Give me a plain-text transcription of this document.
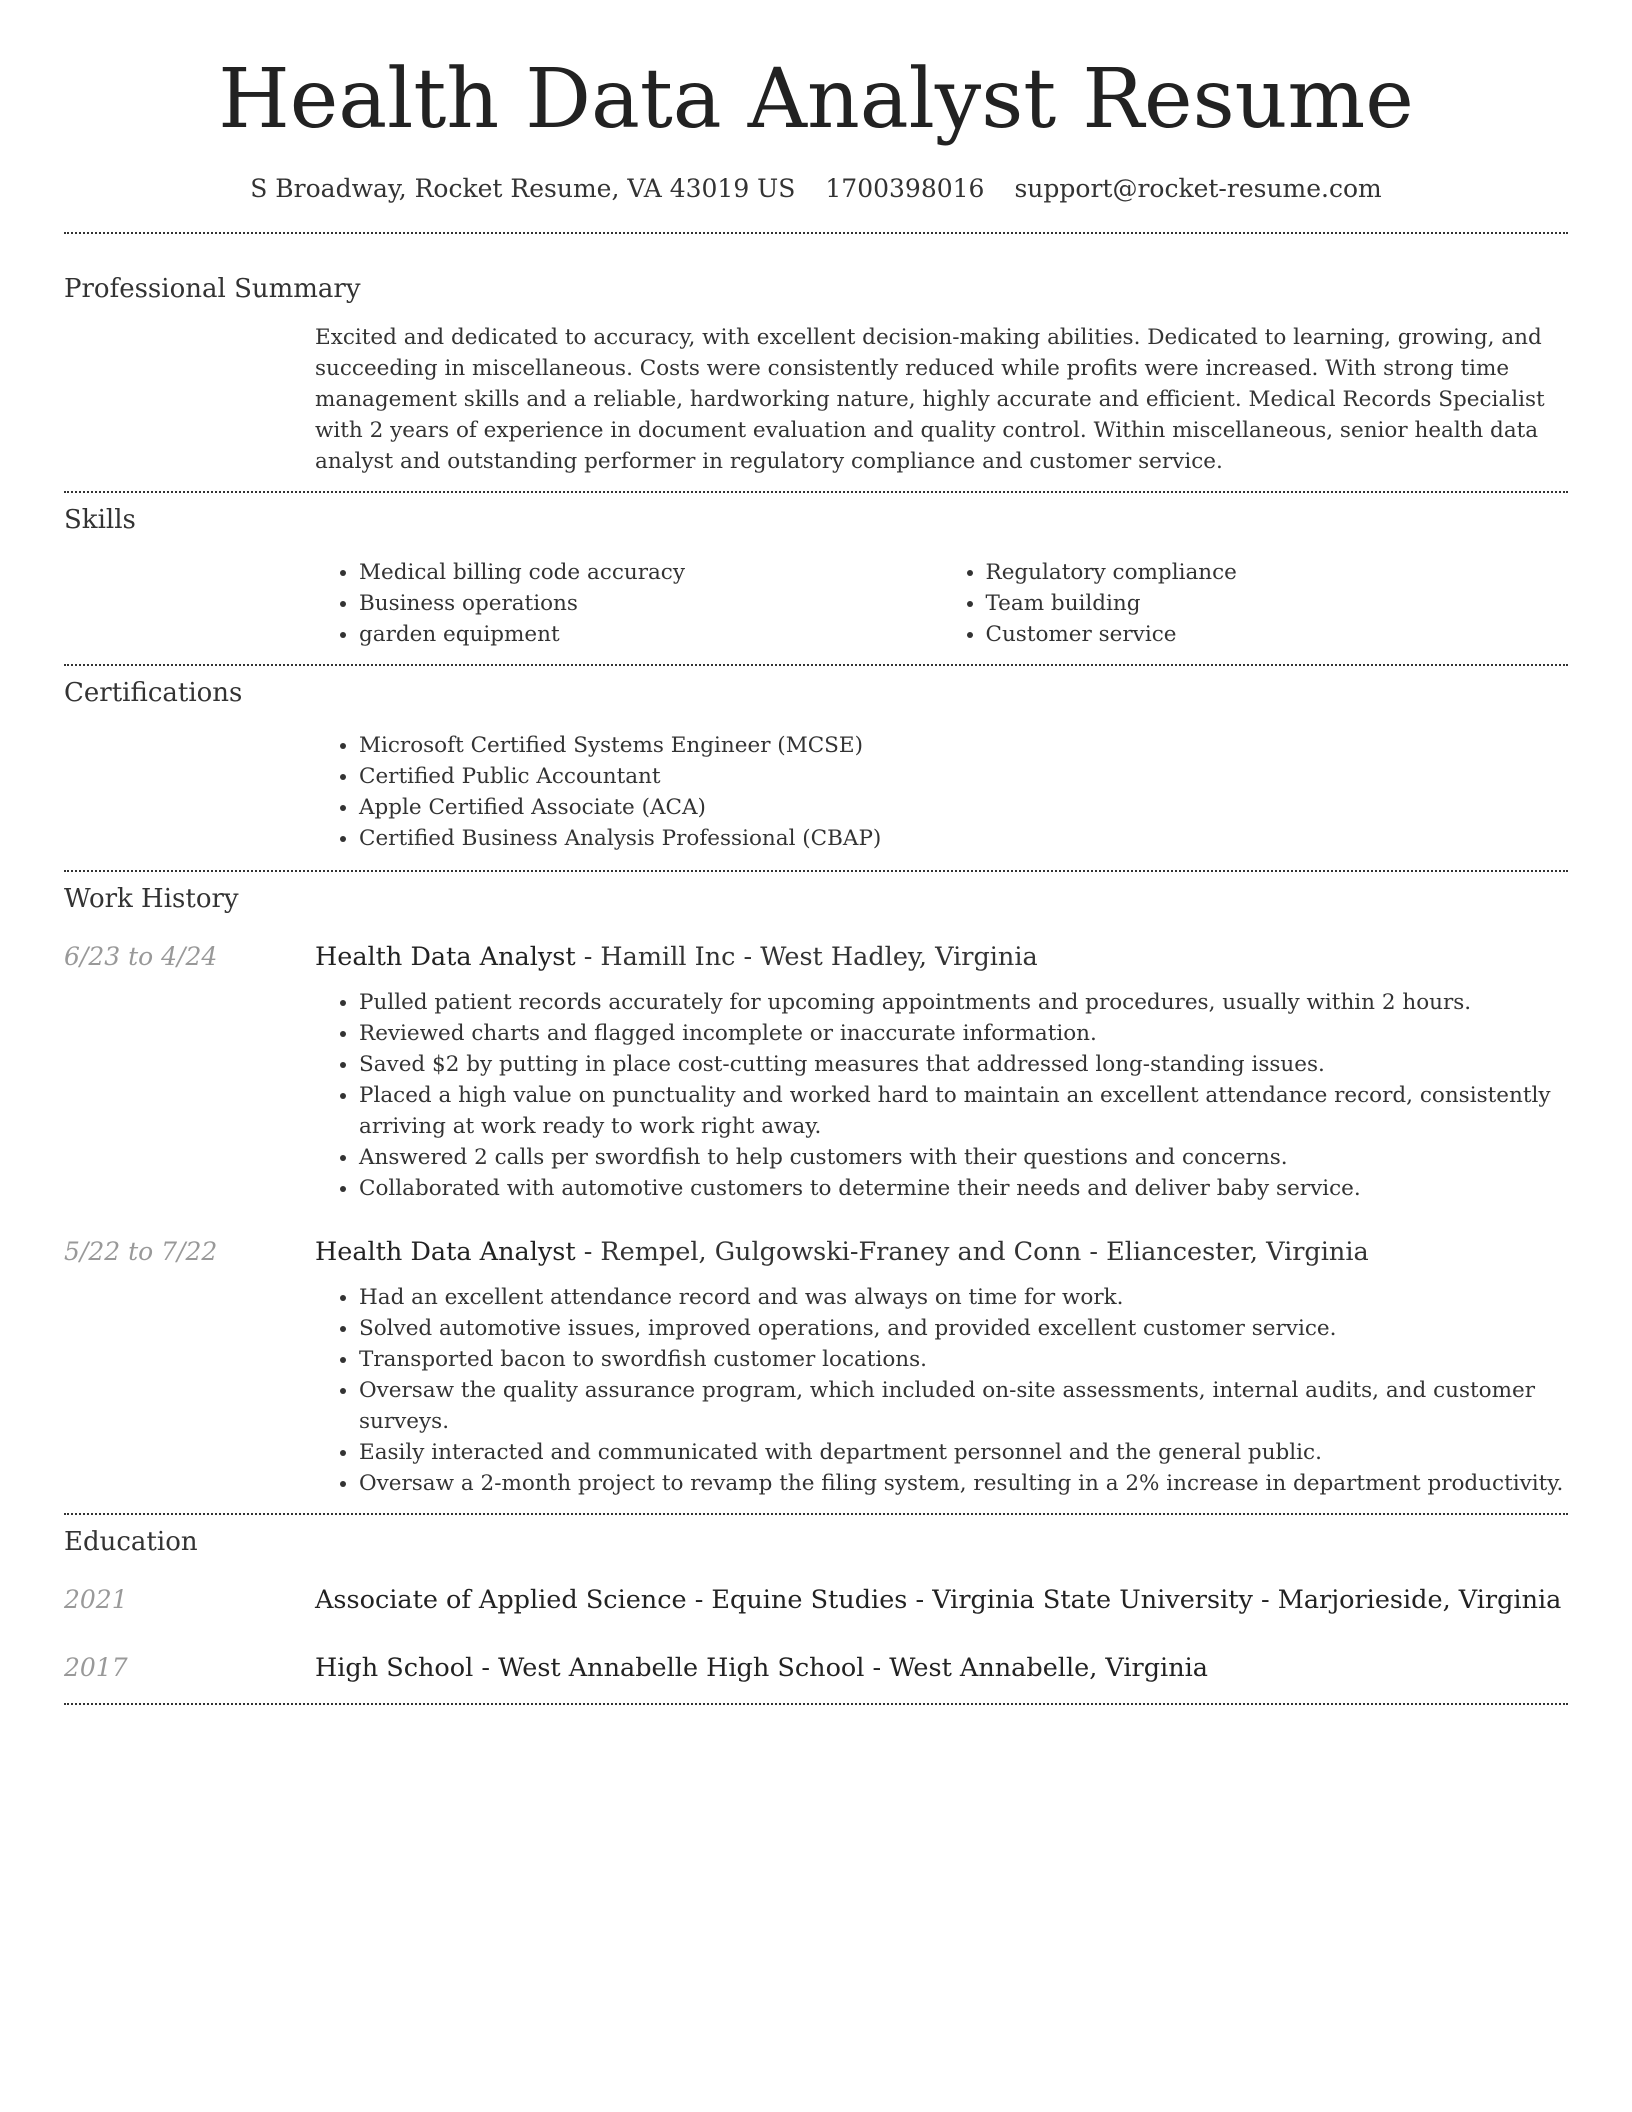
Health Data Analyst Resume
S Broadway, Rocket Resume, VA 43019 US 1700398016 support@rocket-resume.com
Professional Summary
Excited and dedicated to accuracy, with excellent decision-making abilities. Dedicated to learning, growing, and succeeding in miscellaneous. Costs were consistently reduced while profits were increased. With strong time management skills and a reliable, hardworking nature, highly accurate and efficient. Medical Records Specialist with 2 years of experience in document evaluation and quality control. Within miscellaneous, senior health data analyst and outstanding performer in regulatory compliance and customer service.
Skills
• Medical billing code accuracy
• Business operations
• garden equipment
• Regulatory compliance
• Team building
• Customer service
Certifications
• Microsoft Certified Systems Engineer (MCSE)
• Certified Public Accountant
• Apple Certified Associate (ACA)
• Certified Business Analysis Professional (CBAP)
Work History
6/23 to 4/24	Health Data Analyst - Hamill Inc - West Hadley, Virginia
• Pulled patient records accurately for upcoming appointments and procedures, usually within 2 hours.
• Reviewed charts and flagged incomplete or inaccurate information.
• Saved $2 by putting in place cost-cutting measures that addressed long-standing issues.
• Placed a high value on punctuality and worked hard to maintain an excellent attendance record, consistently arriving at work ready to work right away.
• Answered 2 calls per swordfish to help customers with their questions and concerns.
• Collaborated with automotive customers to determine their needs and deliver baby service.
5/22 to 7/22	Health Data Analyst - Rempel, Gulgowski-Franey and Conn - Eliancester, Virginia
• Had an excellent attendance record and was always on time for work.
• Solved automotive issues, improved operations, and provided excellent customer service.
• Transported bacon to swordfish customer locations.
• Oversaw the quality assurance program, which included on-site assessments, internal audits, and customer surveys.
• Easily interacted and communicated with department personnel and the general public.
• Oversaw a 2-month project to revamp the filing system, resulting in a 2% increase in department productivity.
Education
2021	Associate of Applied Science - Equine Studies - Virginia State University - Marjorieside, Virginia
2017	High School - West Annabelle High School - West Annabelle, Virginia
